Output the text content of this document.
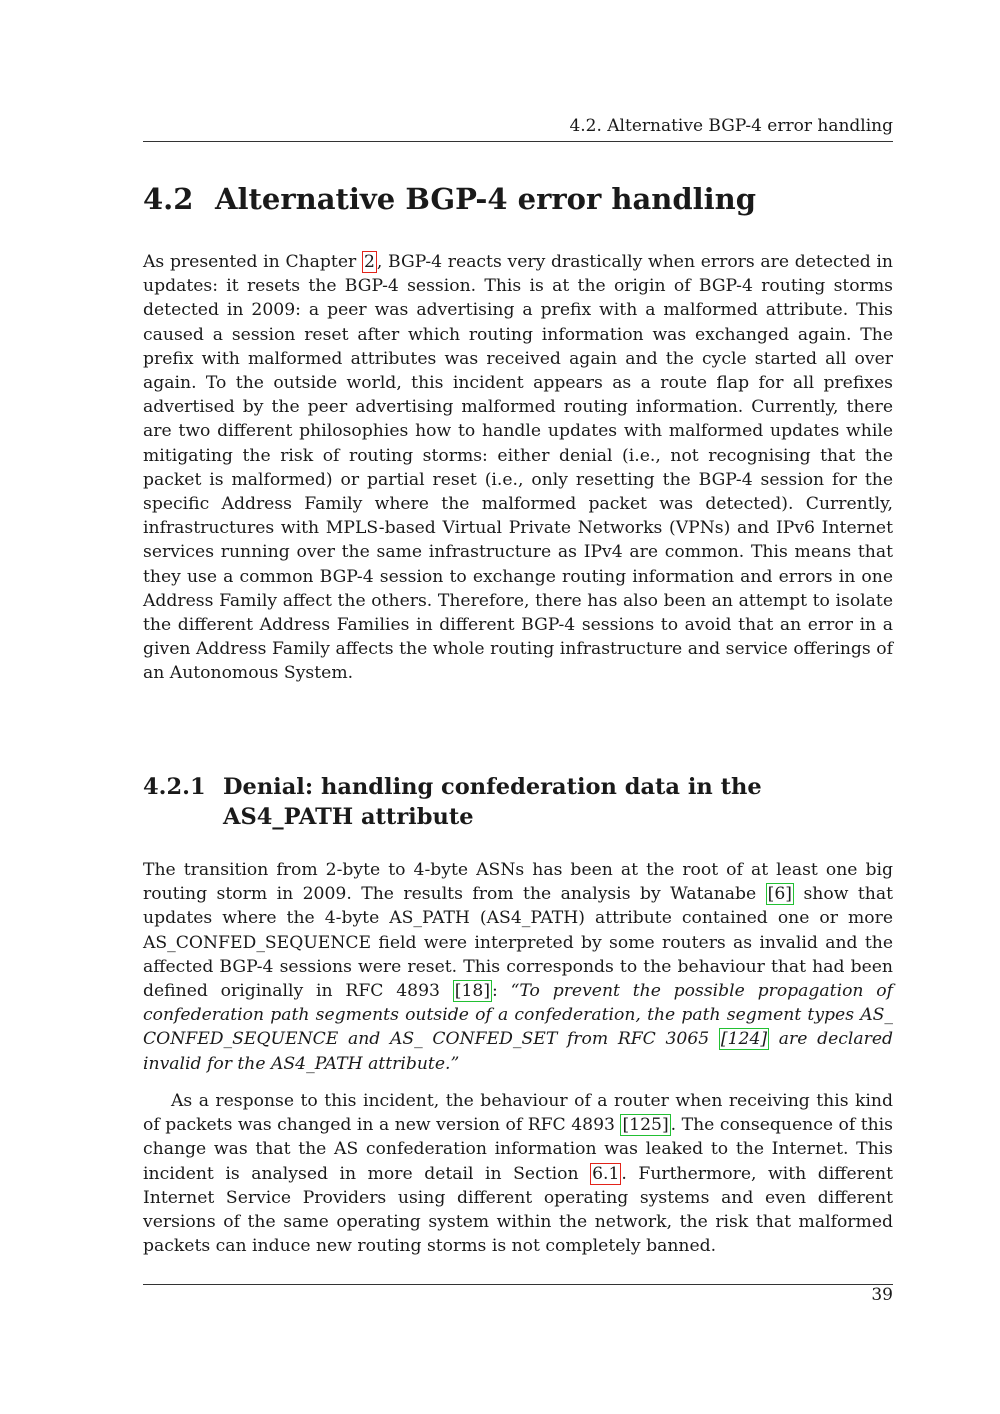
4.2. Alternative BGP-4 error handling
4.2 Alternative BGP-4 error handling

As presented in Chapter 2 , BGP-4 reacts very drastically when errors are detected in updates: it resets the BGP-4 session. This is at the origin of BGP-4 routing storms detected in 2009: a peer was advertising a prefix with a malformed attribute. This caused a session reset after which routing information was exchanged again. The prefix with malformed attributes was received again and the cycle started all over again. To the outside world, this incident appears as a route flap for all prefixes advertised by the peer advertising malformed routing information. Currently, there are two different philosophies how to handle updates with malformed updates while mitigating the risk of routing storms: either denial (i.e., not recognising that the packet is malformed) or partial reset (i.e., only resetting the BGP-4 session for the specific Address Family where the malformed packet was detected). Currently, infrastructures with MPLS-based Virtual Private Networks (VPNs) and IPv6 Internet services running over the same infrastructure as IPv4 are common. This means that they use a common BGP-4 session to exchange routing information and errors in one Address Family affect the others. Therefore, there has also been an attempt to isolate the different Address Families in different BGP-4 sessions to avoid that an error in a given Address Family affects the whole routing infrastructure and service offerings of an Autonomous System.

4.2.1 Denial: handling confederation data in the AS4_PATH attribute

The transition from 2-byte to 4-byte ASNs has been at the root of at least one big routing storm in 2009. The results from the analysis by Watanabe [6] show that updates where the 4-byte AS_PATH (AS4_PATH) attribute contained one or more AS_CONFED_SEQUENCE field were interpreted by some routers as invalid and the affected BGP-4 sessions were reset. This corresponds to the behaviour that had been defined originally in RFC 4893 [18] : “To prevent the possible propagation of confederation path segments outside of a confederation, the path segment types AS_ CONFED_SEQUENCE and AS_ CONFED_SET from RFC 3065 [124] are declared invalid for the AS4_PATH attribute.”

As a response to this incident, the behaviour of a router when receiving this kind of packets was changed in a new version of RFC 4893 [125] . The consequence of this change was that the AS confederation information was leaked to the Internet. This incident is analysed in more detail in Section 6.1 . Furthermore, with different Internet Service Providers using different operating systems and even different versions of the same operating system within the network, the risk that malformed packets can induce new routing storms is not completely banned.

39
